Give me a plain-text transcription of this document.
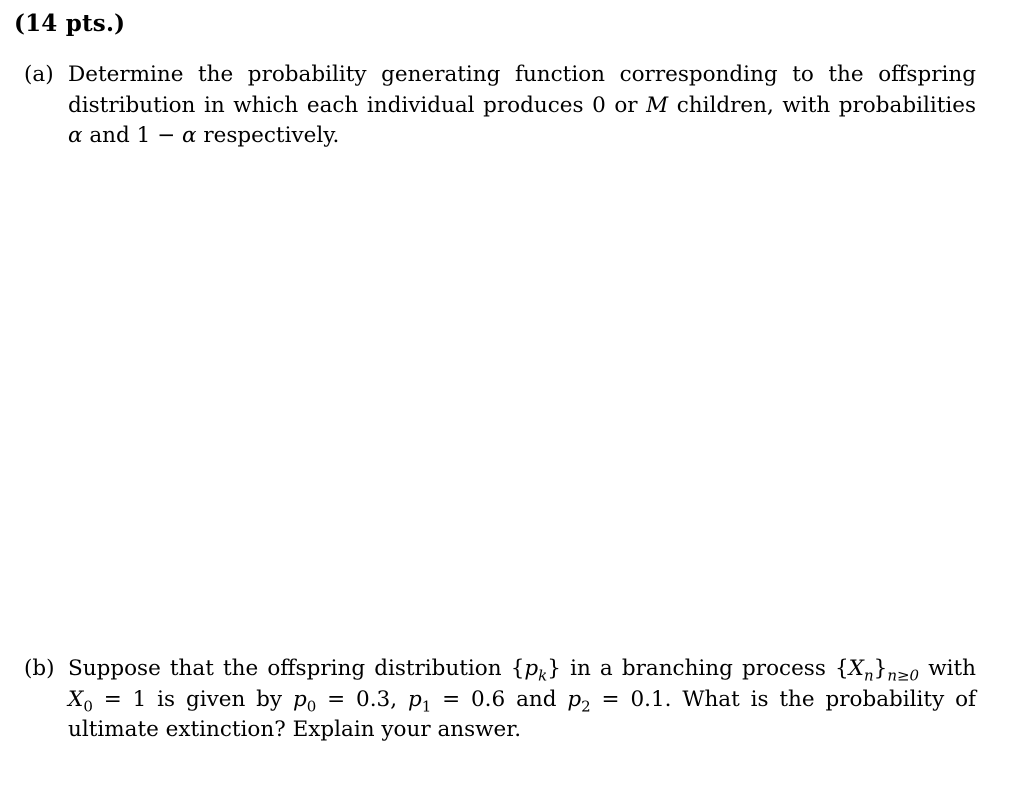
(14 pts.)
(a) Determine the probability generating function corresponding to the offspring distribution in which each individual produces 0 or M children, with probabilities α and 1 − α respectively.
(b) Suppose that the offspring distribution $\{p_k\}$ in a branching process $\{X_n\}_{n\ge 0}$ with $X_0 = 1$ is given by $p_0 = 0.3$, $p_1 = 0.6$ and $p_2 = 0.1$. What is the probability of ultimate extinction? Explain your answer.
